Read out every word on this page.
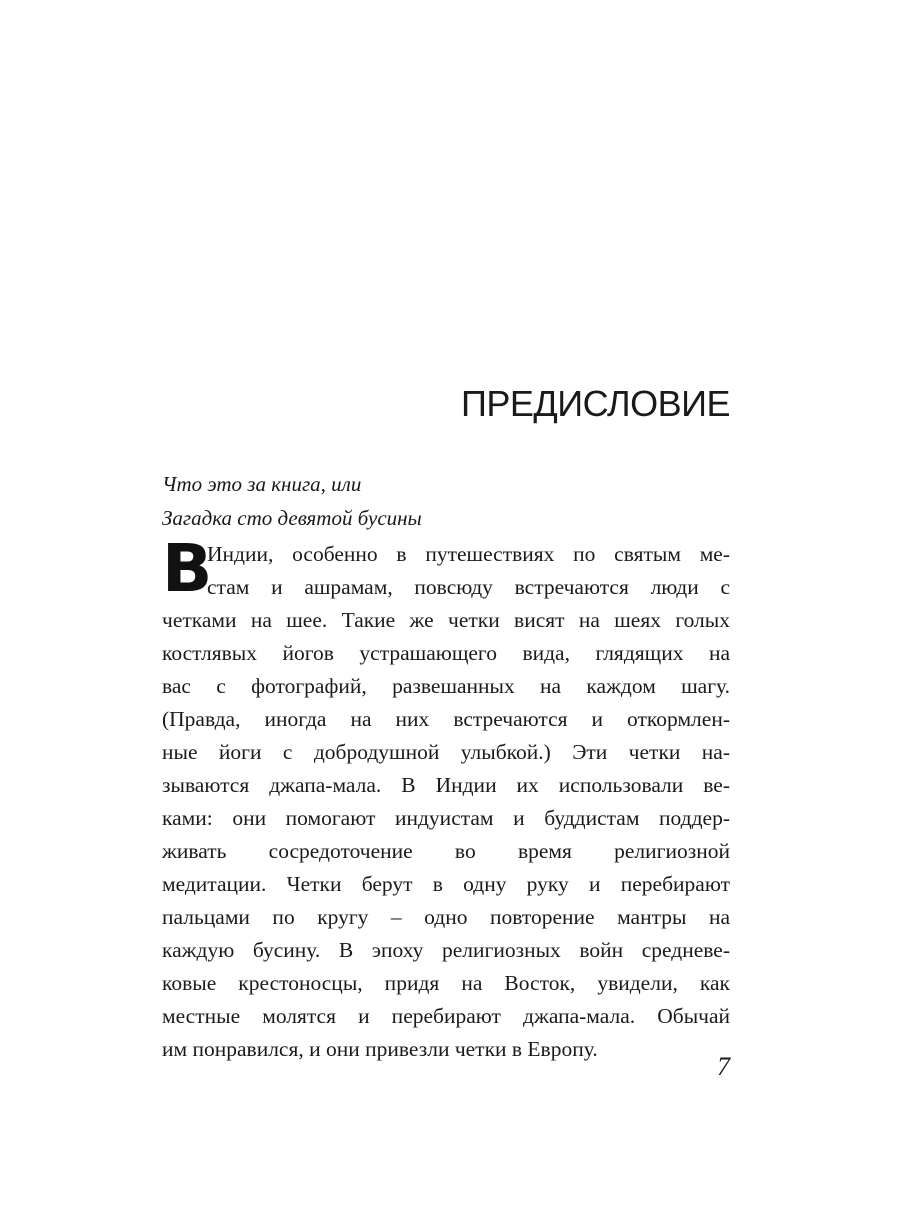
ПРЕДИСЛОВИЕ

Что это за книга, или

Загадка сто девятой бусины

В
Индии, особенно в путешествиях по святым ме-
стам и ашрамам, повсюду встречаются люди с
четками на шее. Такие же четки висят на шеях голых
костлявых йогов устрашающего вида, глядящих на
вас с фотографий, развешанных на каждом шагу.
(Правда, иногда на них встречаются и откормлен-
ные йоги с добродушной улыбкой.) Эти четки на-
зываются джапа-мала. В Индии их использовали ве-
ками: они помогают индуистам и буддистам поддер-
живать сосредоточение во время религиозной
медитации. Четки берут в одну руку и перебирают
пальцами по кругу – одно повторение мантры на
каждую бусину. В эпоху религиозных войн средневе-
ковые крестоносцы, придя на Восток, увидели, как
местные молятся и перебирают джапа-мала. Обычай
им понравился, и они привезли четки в Европу.
7
